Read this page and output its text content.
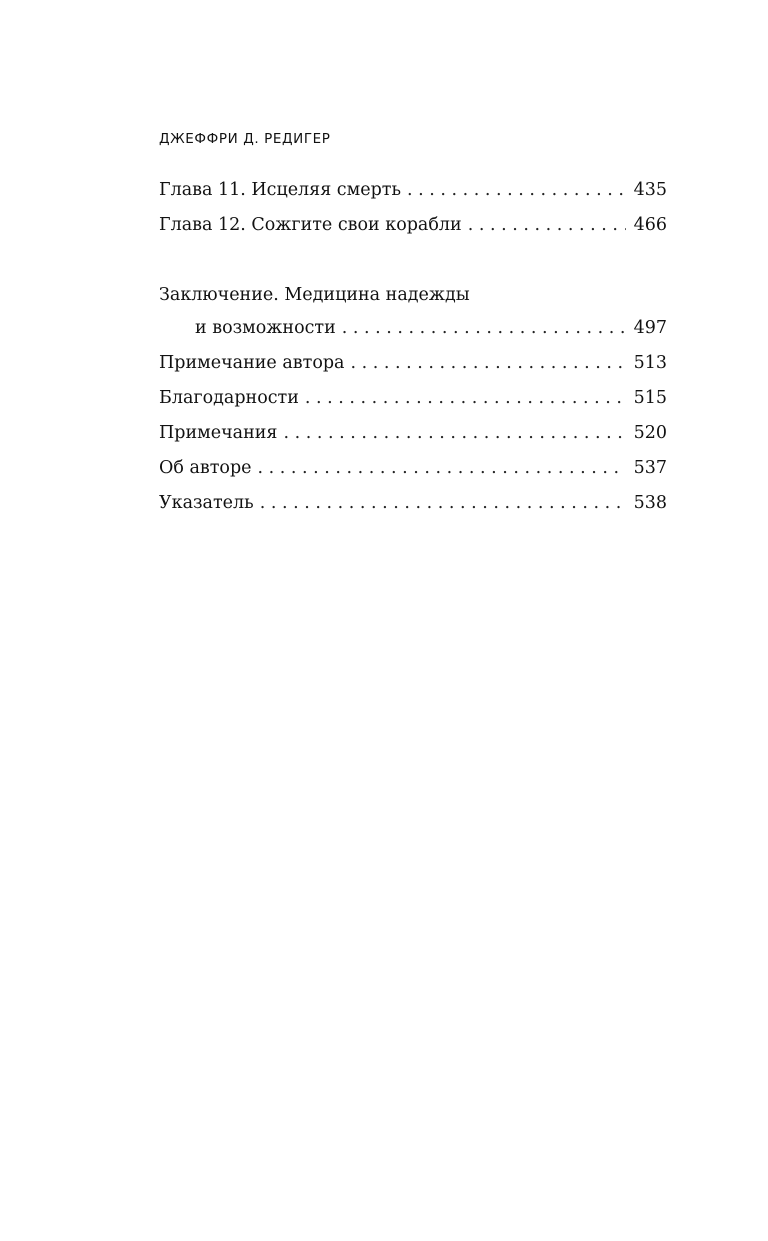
ДЖЕФФРИ Д. РЕДИГЕР
Глава 11. Исцеляя смерть . . .	435
Глава 12. Сожгите свои корабли . . .	466
Заключение. Медицина надежды
и возможности . . .	497
Примечание автора . . .	513
Благодарности . . .	515
Примечания . . .	520
Об авторе . . .	537
Указатель . . .	538
